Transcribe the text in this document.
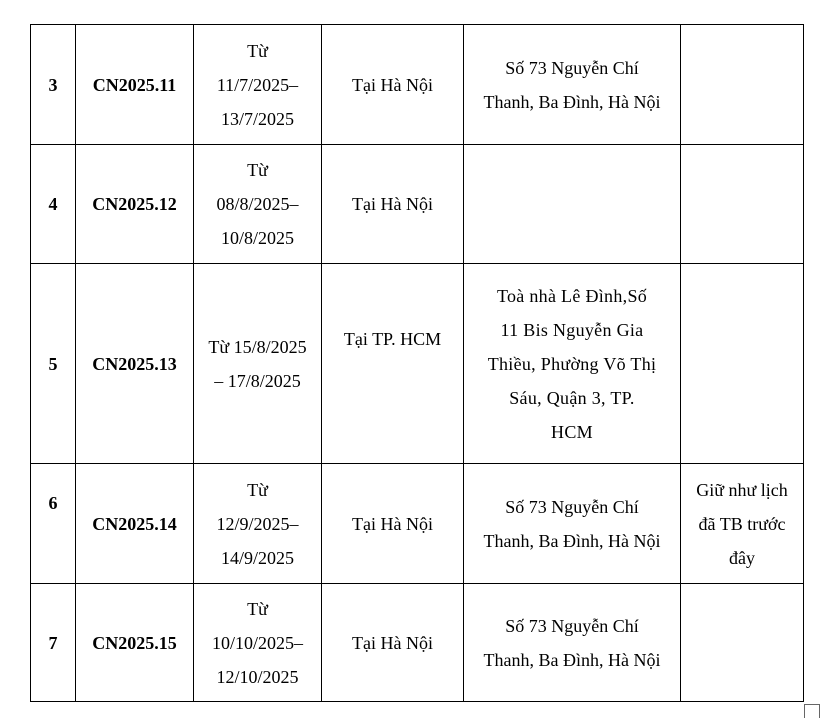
3	CN2025.11	Từ
11/7/2025–
13/7/2025	Tại Hà Nội	Số 73 Nguyễn Chí
Thanh, Ba Đình, Hà Nội	
4	CN2025.12	Từ
08/8/2025–
10/8/2025	Tại Hà Nội		
5	CN2025.13	Từ 15/8/2025
– 17/8/2025	Tại TP. HCM	Toà nhà Lê Đình,Số
11 Bis Nguyễn Gia
Thiều, Phường Võ Thị
Sáu, Quận 3, TP.
HCM	
6	CN2025.14	Từ
12/9/2025–
14/9/2025	Tại Hà Nội	Số 73 Nguyễn Chí
Thanh, Ba Đình, Hà Nội	Giữ như lịch
đã TB trước
đây
7	CN2025.15	Từ
10/10/2025–
12/10/2025	Tại Hà Nội	Số 73 Nguyễn Chí
Thanh, Ba Đình, Hà Nội	
